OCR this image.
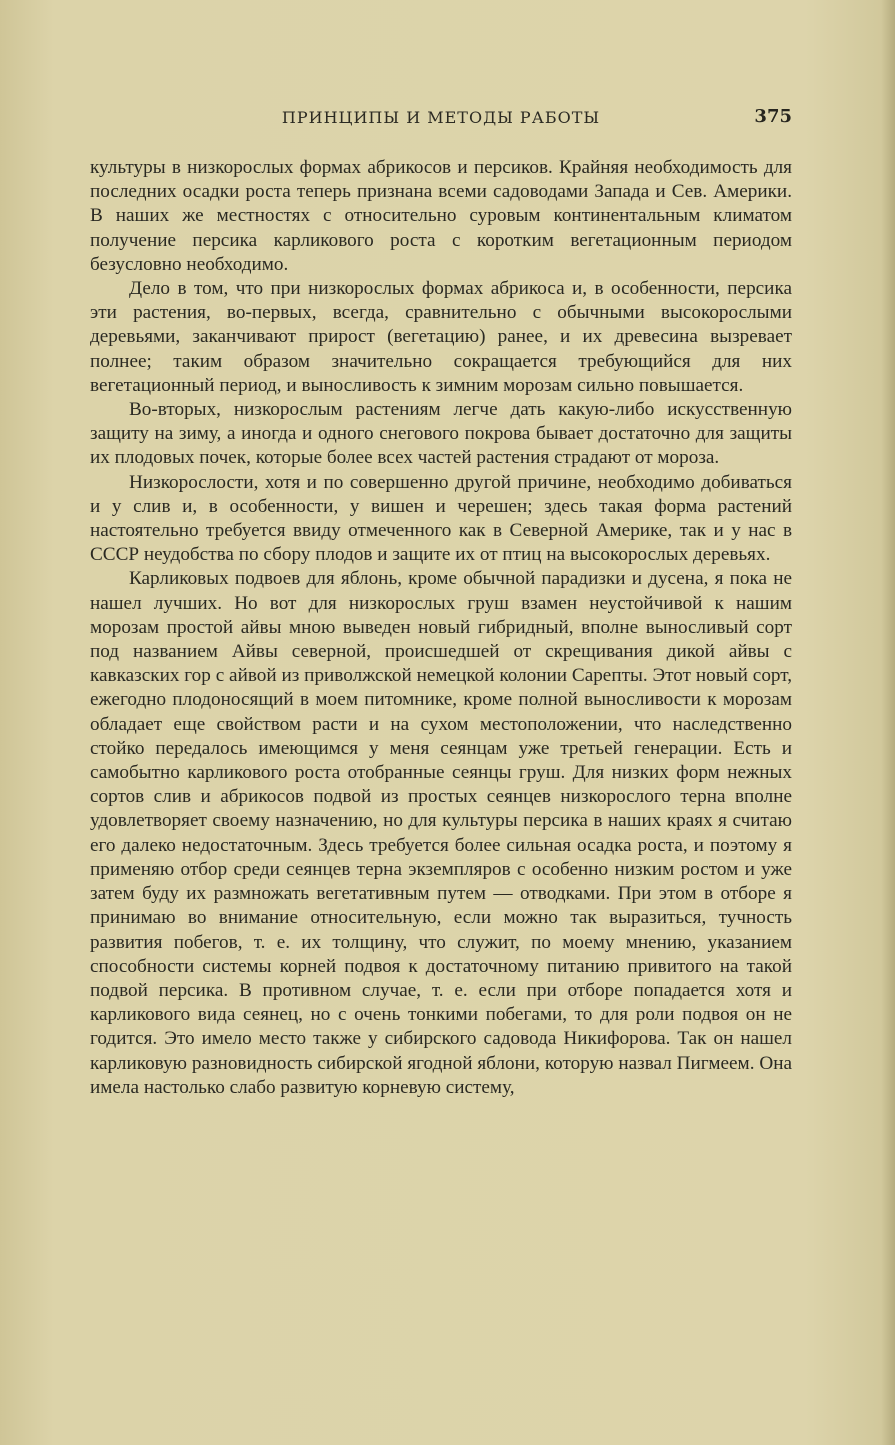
ПРИНЦИПЫ И МЕТОДЫ РАБОТЫ	375

культуры в низкорослых формах абрикосов и персиков. Крайняя необходимость для последних осадки роста теперь признана всеми садоводами Запада и Сев. Америки. В наших же местностях с относительно суровым континентальным климатом получение персика карликового роста с коротким вегетационным периодом безусловно необходимо.

Дело в том, что при низкорослых формах абрикоса и, в особенности, персика эти растения, во-первых, всегда, сравнительно с обычными высокорослыми деревьями, заканчивают прирост (вегетацию) ранее, и их древесина вызревает полнее; таким образом значительно сокращается требующийся для них вегетационный период, и выносливость к зимним морозам сильно повышается.

Во-вторых, низкорослым растениям легче дать какую-либо искусственную защиту на зиму, а иногда и одного снегового покрова бывает достаточно для защиты их плодовых почек, которые более всех частей растения страдают от мороза.

Низкорослости, хотя и по совершенно другой причине, необходимо добиваться и у слив и, в особенности, у вишен и черешен; здесь такая форма растений настоятельно требуется ввиду отмеченного как в Северной Америке, так и у нас в СССР неудобства по сбору плодов и защите их от птиц на высокорослых деревьях.

Карликовых подвоев для яблонь, кроме обычной парадизки и дусена, я пока не нашел лучших. Но вот для низкорослых груш взамен неустойчивой к нашим морозам простой айвы мною выведен новый гибридный, вполне выносливый сорт под названием Айвы северной, происшедшей от скрещивания дикой айвы с кавказских гор с айвой из приволжской немецкой колонии Сарепты. Этот новый сорт, ежегодно плодоносящий в моем питомнике, кроме полной выносливости к морозам обладает еще свойством расти и на сухом местоположении, что наследственно стойко передалось имеющимся у меня сеянцам уже третьей генерации. Есть и самобытно карликового роста отобранные сеянцы груш. Для низких форм нежных сортов слив и абрикосов подвой из простых сеянцев низкорослого терна вполне удовлетворяет своему назначению, но для культуры персика в наших краях я считаю его далеко недостаточным. Здесь требуется более сильная осадка роста, и поэтому я применяю отбор среди сеянцев терна экземпляров с особенно низким ростом и уже затем буду их размножать вегетативным путем — отводками. При этом в отборе я принимаю во внимание относительную, если можно так выразиться, тучность развития побегов, т. е. их толщину, что служит, по моему мнению, указанием способности системы корней подвоя к достаточному питанию привитого на такой подвой персика. В противном случае, т. е. если при отборе попадается хотя и карликового вида сеянец, но с очень тонкими побегами, то для роли подвоя он не годится. Это имело место также у сибирского садовода Никифорова. Так он нашел карликовую разновидность сибирской ягодной яблони, которую назвал Пигмеем. Она имела настолько слабо развитую корневую систему,
